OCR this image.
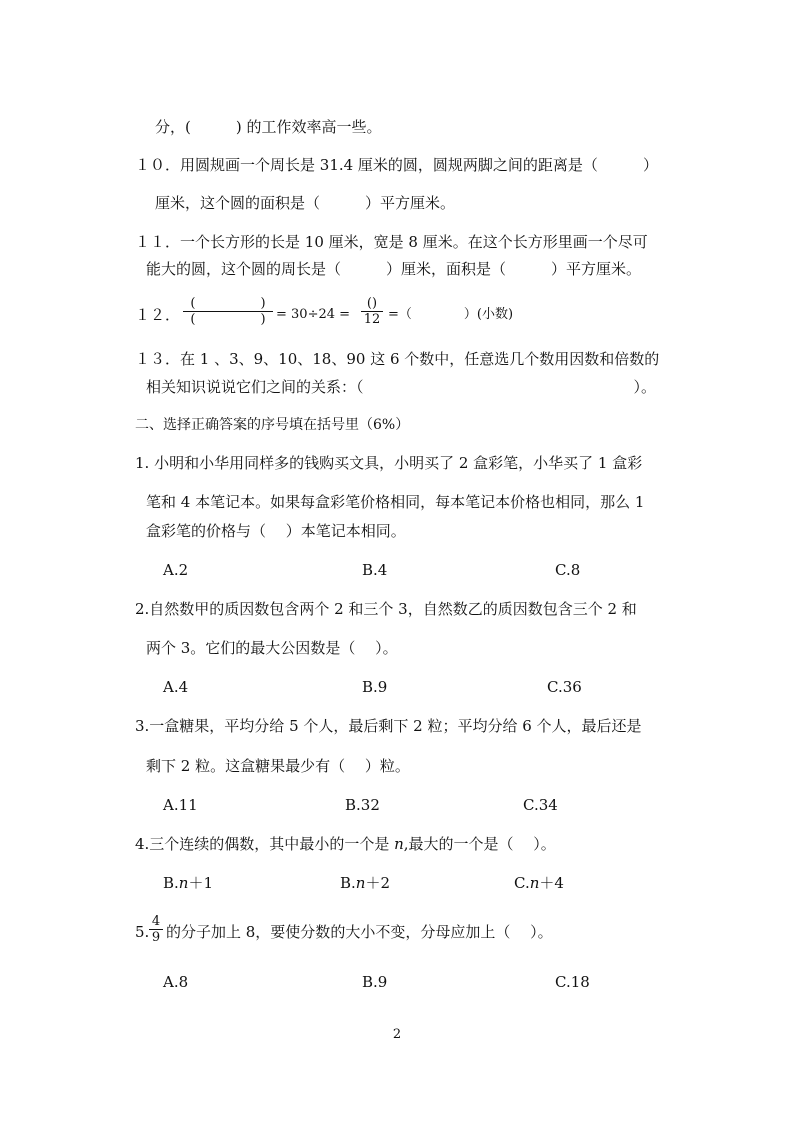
分，(　　　) 的工作效率高一些。
１０．用圆规画一个周长是 31.4 厘米的圆，圆规两脚之间的距离是（　　　）
厘米，这个圆的面积是（　　　）平方厘米。
１１．一个长方形的长是 10 厘米，宽是 8 厘米。在这个长方形里画一个尽可
能大的圆，这个圆的周长是（　　　）厘米，面积是（　　　）平方厘米。
１２．
(　　　　　)
(　　　　　) = 30÷24 =
()
12 =（　　　　）(小数)
１３．在 1 、3、9、10、18、90 这 6 个数中，任意选几个数用因数和倍数的
相关知识说说它们之间的关系：（　　　　　　　　　　　　　　　　　　）。
二、选择正确答案的序号填在括号里（6%）
1. 小明和小华用同样多的钱购买文具，小明买了 2 盒彩笔，小华买了 1 盒彩
笔和 4 本笔记本。如果每盒彩笔价格相同，每本笔记本价格也相同，那么 1
盒彩笔的价格与（　 ）本笔记本相同。
A.2	B.4	C.8
2.自然数甲的质因数包含两个 2 和三个 3，自然数乙的质因数包含三个 2 和
两个 3。它们的最大公因数是（　 ）。
A.4	B.9	C.36
3.一盒糖果，平均分给 5 个人，最后剩下 2 粒；平均分给 6 个人，最后还是
剩下 2 粒。这盒糖果最少有（　 ）粒。
A.11	B.32	C.34
4.三个连续的偶数，其中最小的一个是 n,最大的一个是（　 ）。
B.n＋1	B.n＋2	C.n＋4
5.
4
9 的分子加上 8，要使分数的大小不变，分母应加上（　 ）。
A.8	B.9	C.18
2
